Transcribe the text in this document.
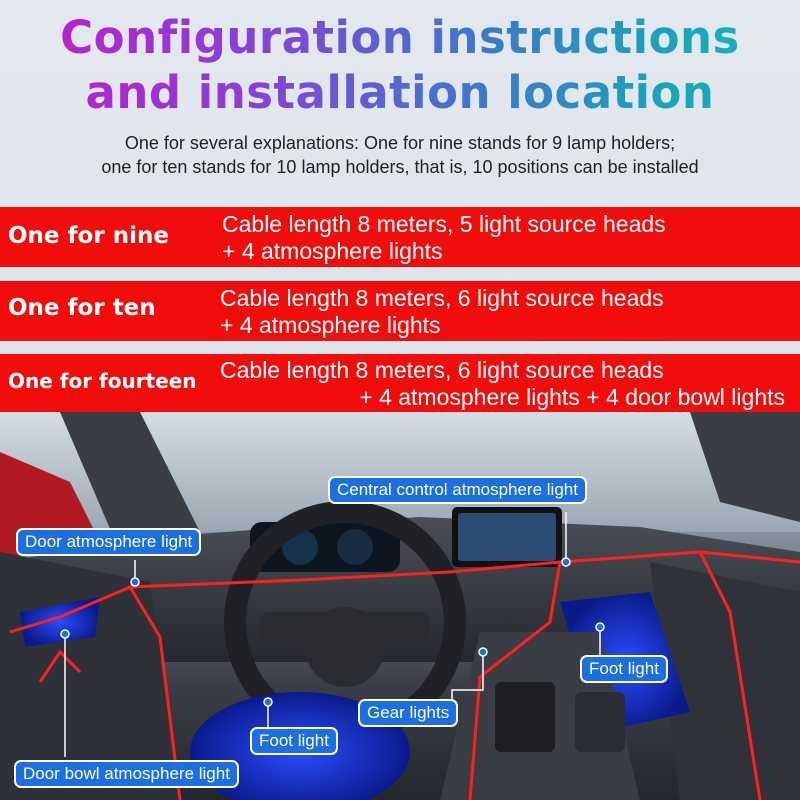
Configuration instructions
and installation location
One for several explanations: One for nine stands for 9 lamp holders;
one for ten stands for 10 lamp holders, that is, 10 positions can be installed
One for nine Cable length 8 meters, 5 light source heads
+ 4 atmosphere lights
One for ten	Cable length 8 meters, 6 light source heads
+ 4 atmosphere lights
One for fourteen Cable length 8 meters, 6 light source heads
+ 4 atmosphere lights + 4 door bowl lights
Central control atmosphere light
Door atmosphere light
Foot light
Gear lights
Foot light
Door bowl atmosphere light
